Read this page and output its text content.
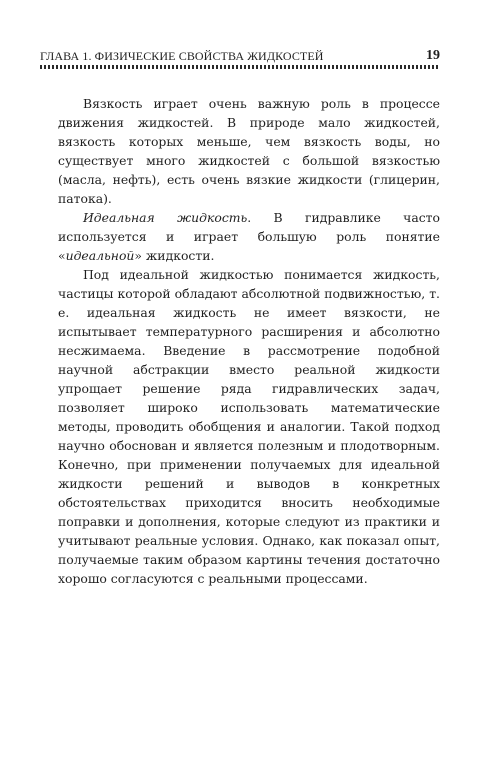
ГЛАВА 1. ФИЗИЧЕСКИЕ СВОЙСТВА ЖИДКОСТЕЙ	19

Вязкость играет очень важную роль в процессе движения жидкостей. В природе мало жидкостей, вязкость которых меньше, чем вязкость воды, но существует много жидкостей с большой вязкостью (масла, нефть), есть очень вязкие жидкости (глицерин, патока).

Идеальная жидкость. В гидравлике часто используется и играет большую роль понятие «идеальной» жидкости.

Под идеальной жидкостью понимается жидкость, частицы которой обладают абсолютной подвижностью, т. е. идеальная жидкость не имеет вязкости, не испытывает температурного расширения и абсолютно несжимаема. Введение в рассмотрение подобной научной абстракции вместо реальной жидкости упрощает решение ряда гидравлических задач, позволяет широко использовать математические методы, проводить обобщения и аналогии. Такой подход научно обоснован и является полезным и плодотворным. Конечно, при применении получаемых для идеальной жидкости решений и выводов в конкретных обстоятельствах приходится вносить необходимые поправки и дополнения, которые следуют из практики и учитывают реальные условия. Однако, как показал опыт, получаемые таким образом картины течения достаточно хорошо согласуются с реальными процессами.
